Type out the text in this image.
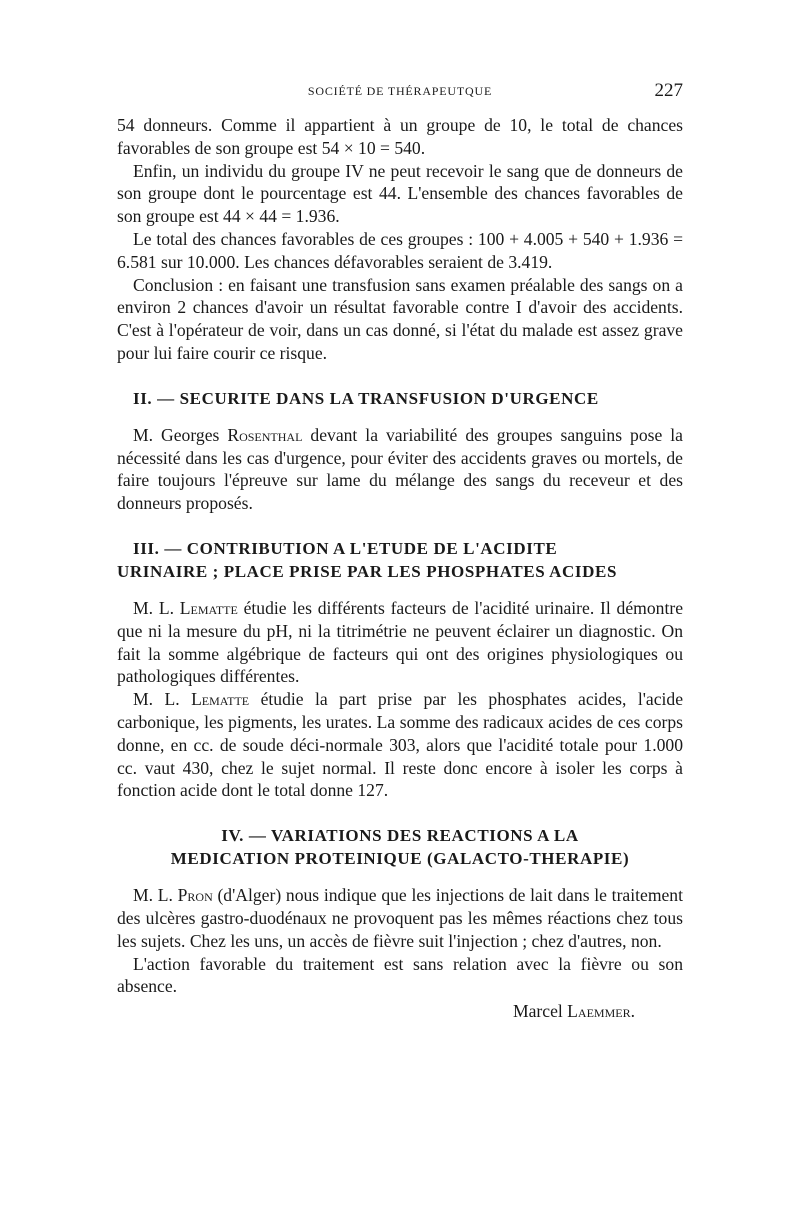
SOCIÉTÉ DE THÉRAPEUTQUE	227

54 donneurs. Comme il appartient à un groupe de 10, le total de chances favorables de son groupe est 54 × 10 = 540.

Enfin, un individu du groupe IV ne peut recevoir le sang que de donneurs de son groupe dont le pourcentage est 44. L'ensemble des chances favorables de son groupe est 44 × 44 = 1.936.

Le total des chances favorables de ces groupes : 100 + 4.005 + 540 + 1.936 = 6.581 sur 10.000. Les chances défavorables seraient de 3.419.

Conclusion : en faisant une transfusion sans examen préalable des sangs on a environ 2 chances d'avoir un résultat favorable contre I d'avoir des accidents. C'est à l'opérateur de voir, dans un cas donné, si l'état du malade est assez grave pour lui faire courir ce risque.

II. — SECURITE DANS LA TRANSFUSION D'URGENCE

M. Georges Rosenthal devant la variabilité des groupes sanguins pose la nécessité dans les cas d'urgence, pour éviter des accidents graves ou mortels, de faire toujours l'épreuve sur lame du mélange des sangs du receveur et des donneurs proposés.

III. — CONTRIBUTION A L'ETUDE DE L'ACIDITE
URINAIRE ; PLACE PRISE PAR LES PHOSPHATES ACIDES

M. L. Lematte étudie les différents facteurs de l'acidité urinaire. Il démontre que ni la mesure du pH, ni la titrimétrie ne peuvent éclairer un diagnostic. On fait la somme algébrique de facteurs qui ont des origines physiologiques ou pathologiques différentes.

M. L. Lematte étudie la part prise par les phosphates acides, l'acide carbonique, les pigments, les urates. La somme des radicaux acides de ces corps donne, en cc. de soude déci-normale 303, alors que l'acidité totale pour 1.000 cc. vaut 430, chez le sujet normal. Il reste donc encore à isoler les corps à fonction acide dont le total donne 127.

IV. — VARIATIONS DES REACTIONS A LA
MEDICATION PROTEINIQUE (GALACTO-THERAPIE)

M. L. Pron (d'Alger) nous indique que les injections de lait dans le traitement des ulcères gastro-duodénaux ne provoquent pas les mêmes réactions chez tous les sujets. Chez les uns, un accès de fièvre suit l'injection ; chez d'autres, non.

L'action favorable du traitement est sans relation avec la fièvre ou son absence.

Marcel Laemmer.
